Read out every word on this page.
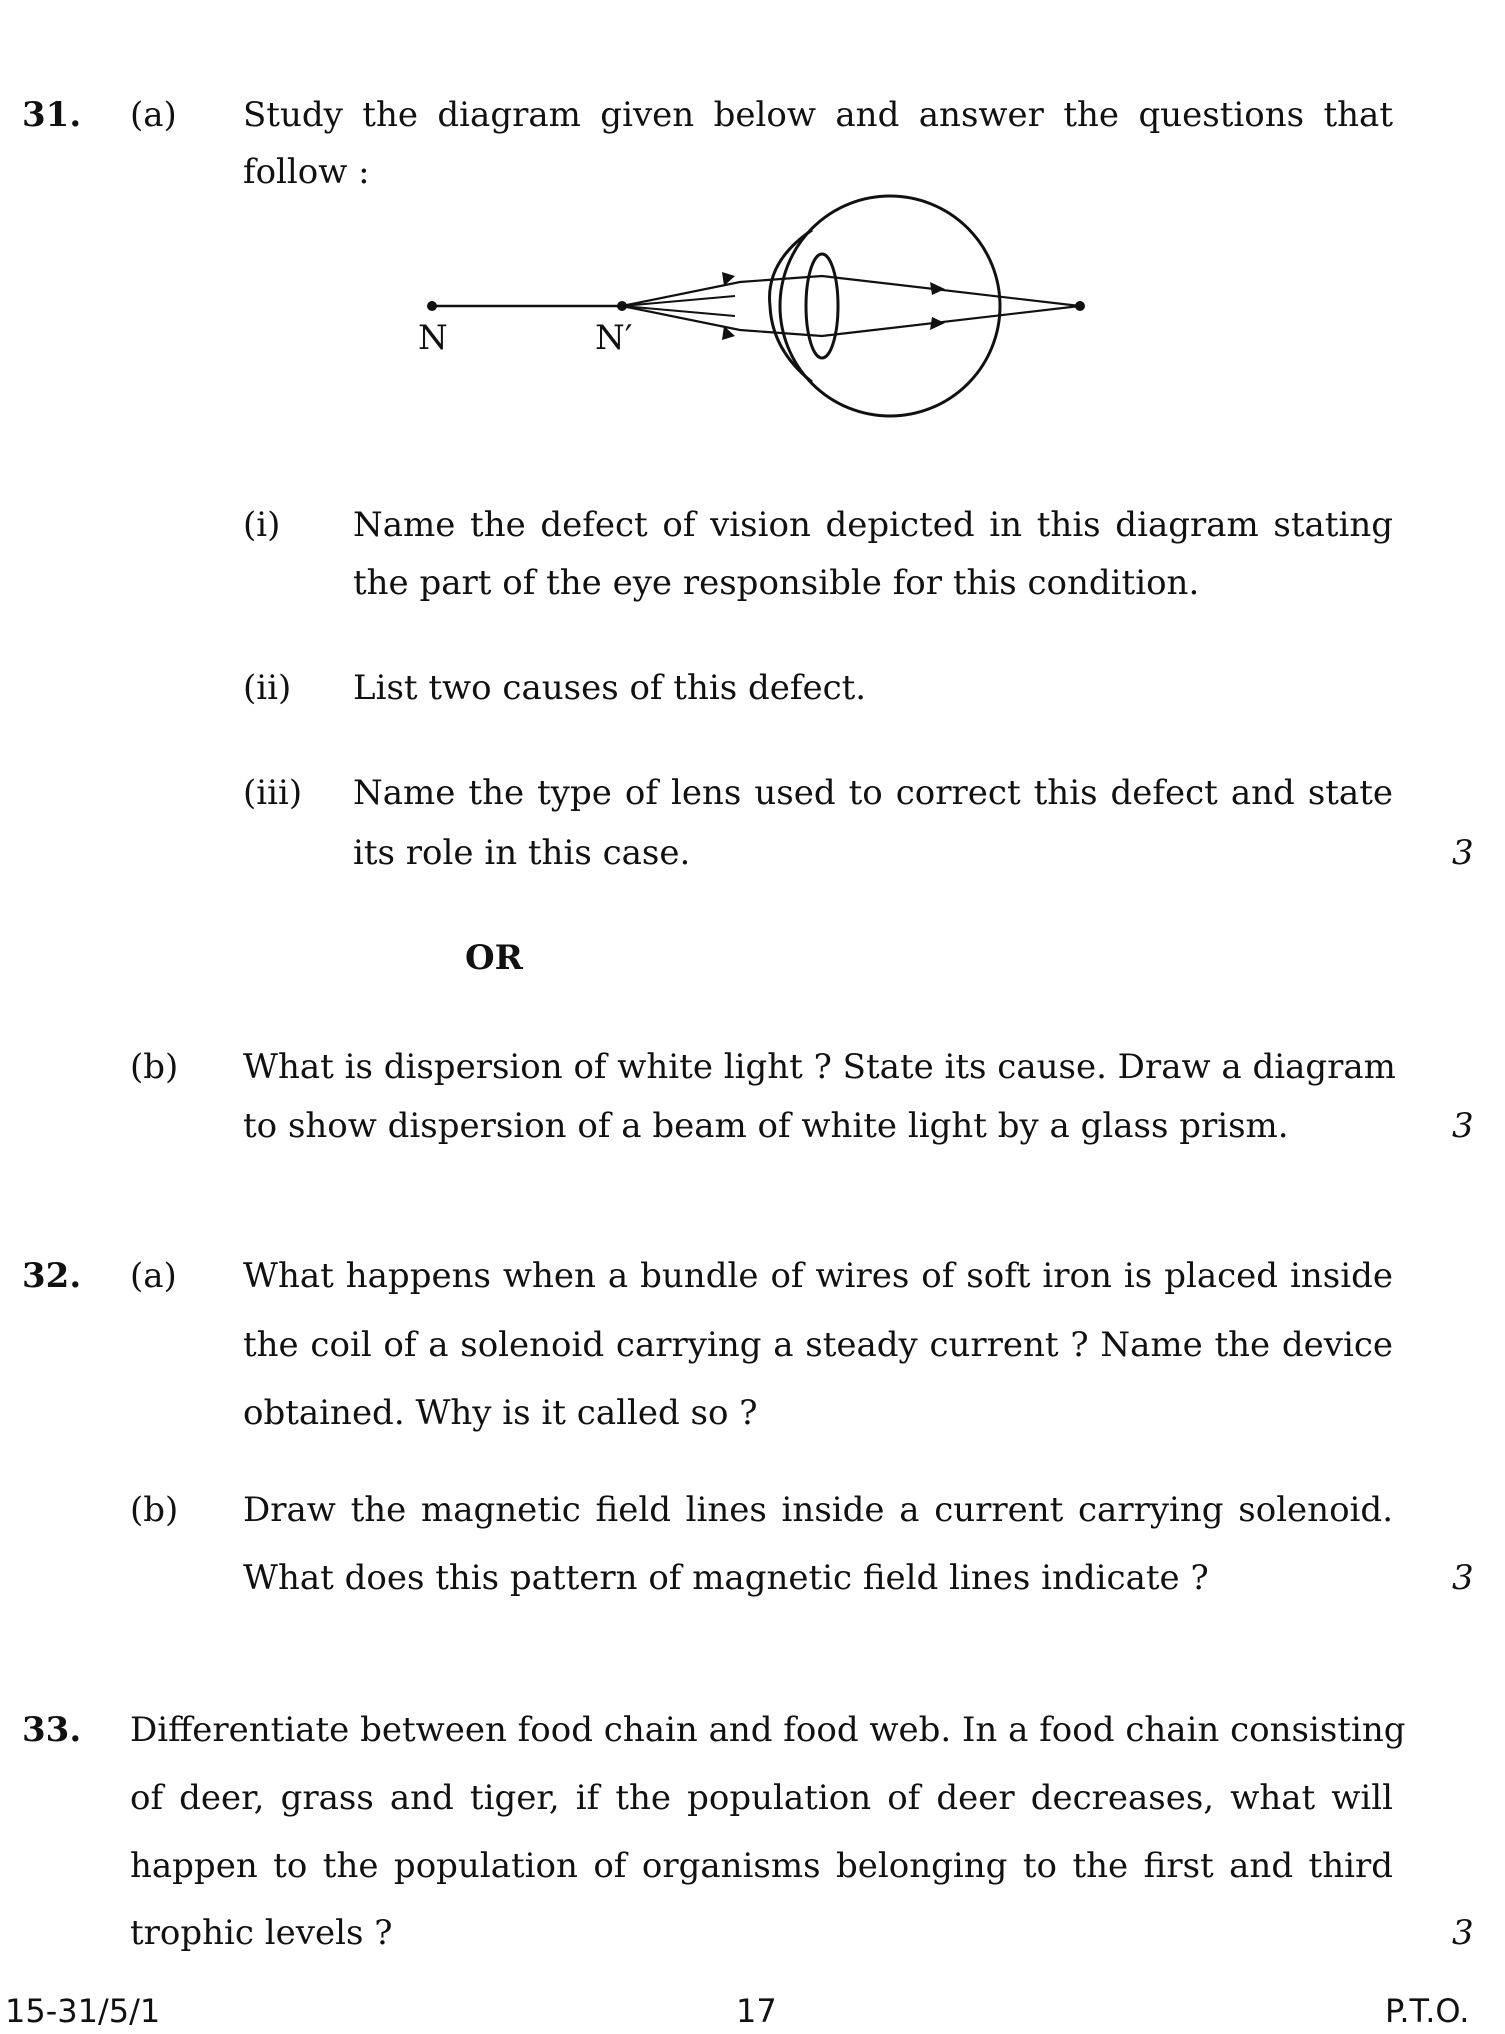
31. (a) Study the diagram given below and answer the questions that
follow :
N	N′
(i) Name the defect of vision depicted in this diagram stating
the part of the eye responsible for this condition.
(ii) List two causes of this defect.
(iii) Name the type of lens used to correct this defect and state
its role in this case.	3
OR
(b) What is dispersion of white light ? State its cause. Draw a diagram
to show dispersion of a beam of white light by a glass prism.	3
32. (a) What happens when a bundle of wires of soft iron is placed inside
the coil of a solenoid carrying a steady current ? Name the device
obtained. Why is it called so ?
(b) Draw the magnetic field lines inside a current carrying solenoid.
What does this pattern of magnetic field lines indicate ?	3
33. Differentiate between food chain and food web. In a food chain consisting
of deer, grass and tiger, if the population of deer decreases, what will
happen to the population of organisms belonging to the first and third
trophic levels ?	3
15-31/5/1	17	P.T.O.
